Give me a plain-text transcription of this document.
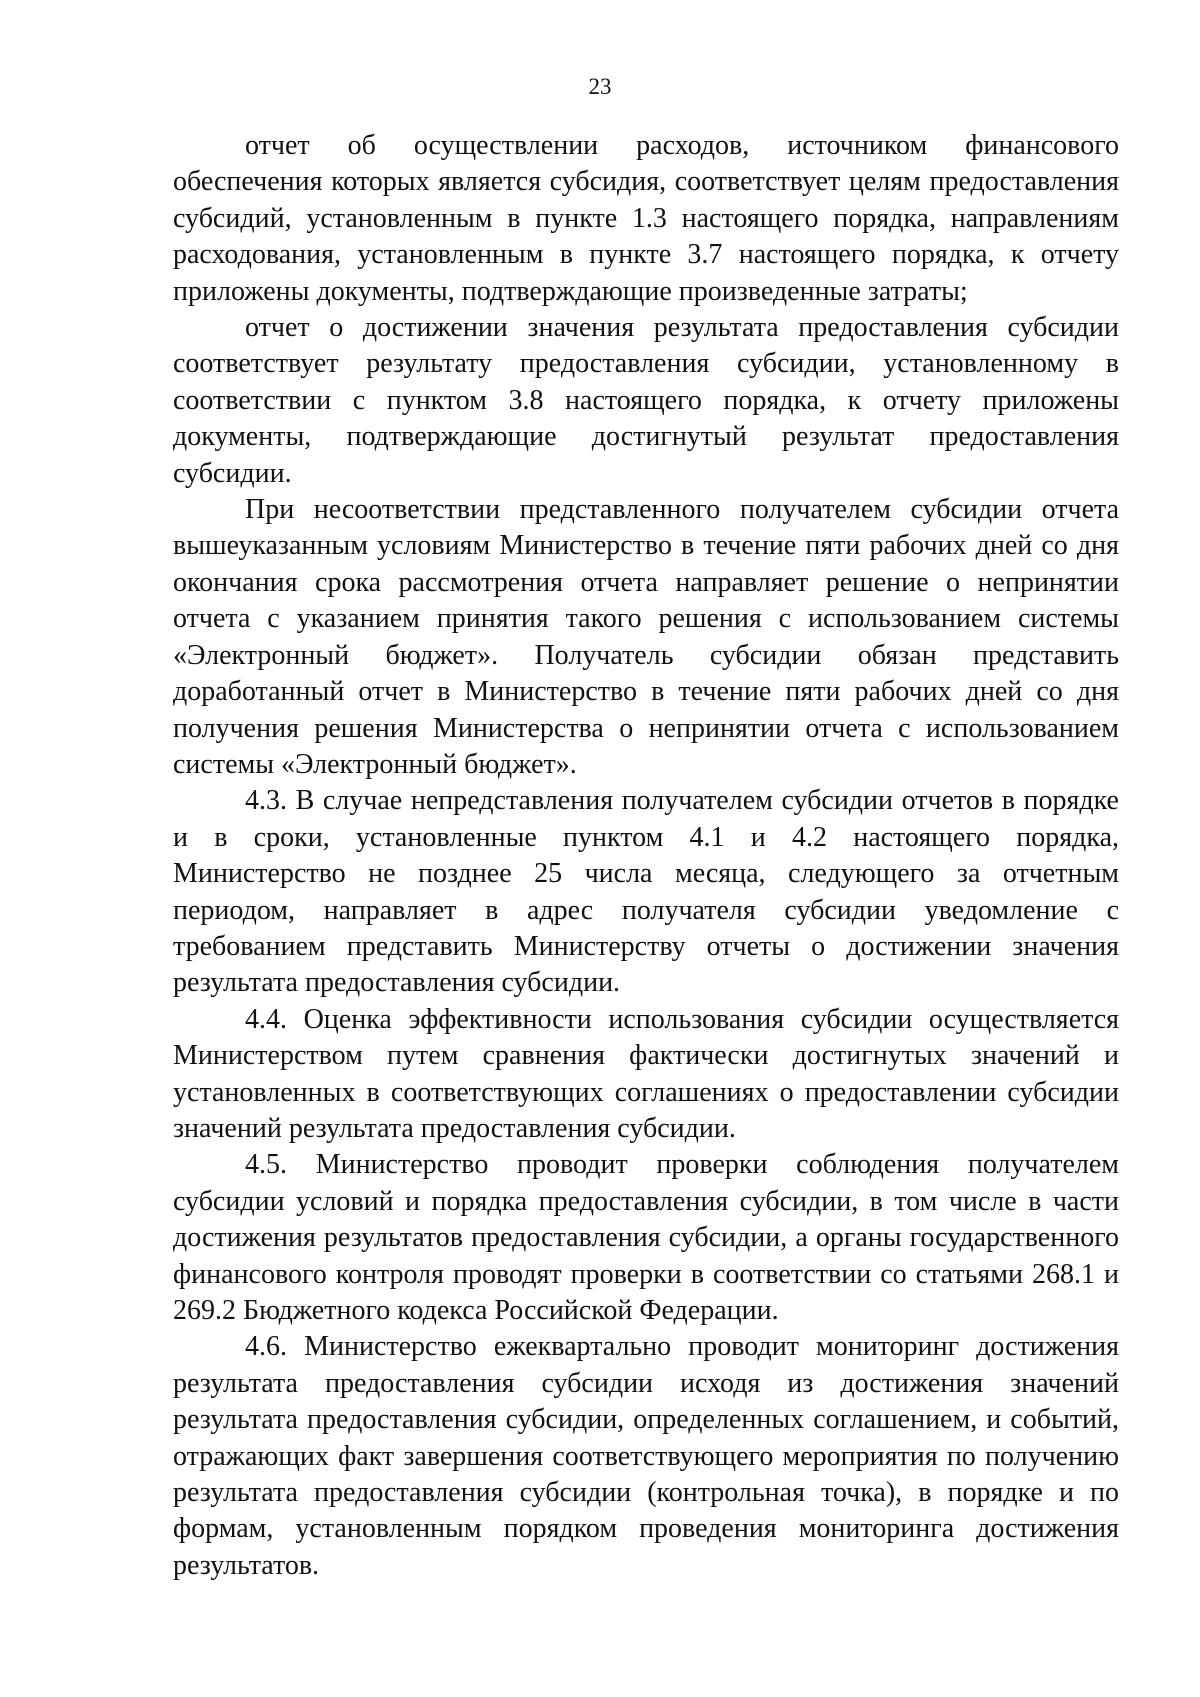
23

отчет об осуществлении расходов, источником финансового обеспечения которых является субсидия, соответствует целям предоставления субсидий, установленным в пункте 1.3 настоящего порядка, направлениям расходования, установленным в пункте 3.7 настоящего порядка, к отчету приложены документы, подтверждающие произведенные затраты;

отчет о достижении значения результата предоставления субсидии соответствует результату предоставления субсидии, установленному в соответствии с пунктом 3.8 настоящего порядка, к отчету приложены документы, подтверждающие достигнутый результат предоставления субсидии.

При несоответствии представленного получателем субсидии отчета вышеуказанным условиям Министерство в течение пяти рабочих дней со дня окончания срока рассмотрения отчета направляет решение о непринятии отчета с указанием принятия такого решения с использованием системы «Электронный бюджет». Получатель субсидии обязан представить доработанный отчет в Министерство в течение пяти рабочих дней со дня получения решения Министерства о непринятии отчета с использованием системы «Электронный бюджет».

4.3. В случае непредставления получателем субсидии отчетов в порядке и в сроки, установленные пунктом 4.1 и 4.2 настоящего порядка, Министерство не позднее 25 числа месяца, следующего за отчетным периодом, направляет в адрес получателя субсидии уведомление с требованием представить Министерству отчеты о достижении значения результата предоставления субсидии.

4.4. Оценка эффективности использования субсидии осуществляется Министерством путем сравнения фактически достигнутых значений и установленных в соответствующих соглашениях о предоставлении субсидии значений результата предоставления субсидии.

4.5. Министерство проводит проверки соблюдения получателем субсидии условий и порядка предоставления субсидии, в том числе в части достижения результатов предоставления субсидии, а органы государственного финансового контроля проводят проверки в соответствии со статьями 268.1 и 269.2 Бюджетного кодекса Российской Федерации.

4.6. Министерство ежеквартально проводит мониторинг достижения результата предоставления субсидии исходя из достижения значений результата предоставления субсидии, определенных соглашением, и событий, отражающих факт завершения соответствующего мероприятия по получению результата предоставления субсидии (контрольная точка), в порядке и по формам, установленным порядком проведения мониторинга достижения результатов.
